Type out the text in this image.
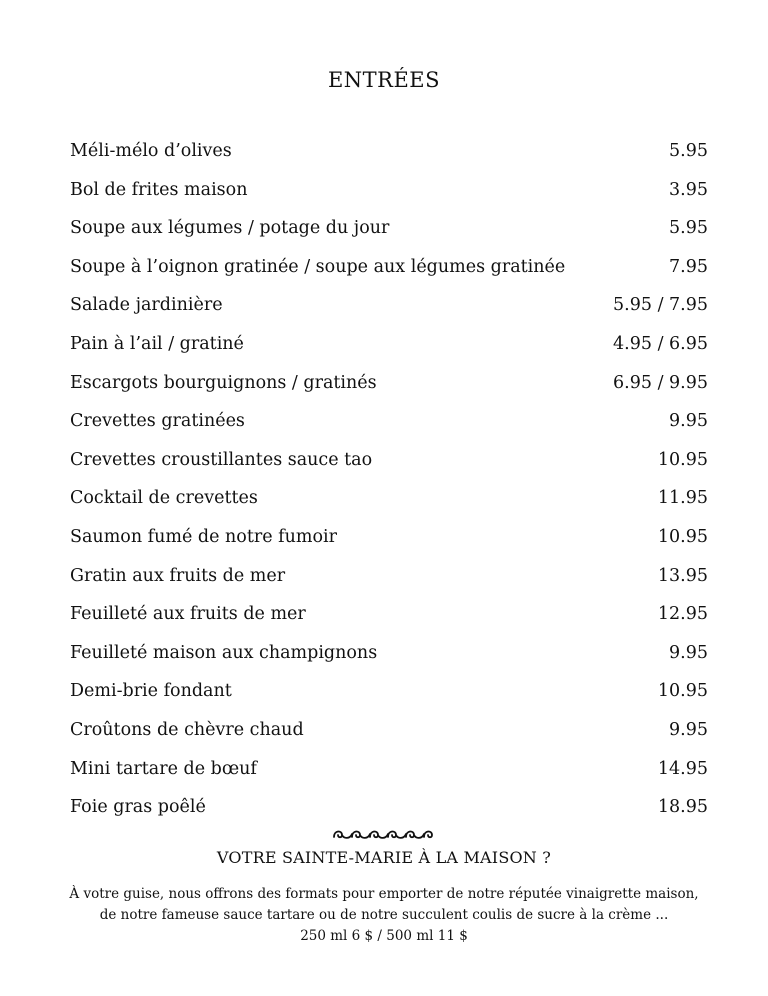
ENTRÉES
Méli-mélo d’olives	5.95
Bol de frites maison	3.95
Soupe aux légumes / potage du jour	5.95
Soupe à l’oignon gratinée / soupe aux légumes gratinée	7.95
Salade jardinière	5.95 / 7.95
Pain à l’ail / gratiné	4.95 / 6.95
Escargots bourguignons / gratinés	6.95 / 9.95
Crevettes gratinées	9.95
Crevettes croustillantes sauce tao	10.95
Cocktail de crevettes	11.95
Saumon fumé de notre fumoir	10.95
Gratin aux fruits de mer	13.95
Feuilleté aux fruits de mer	12.95
Feuilleté maison aux champignons	9.95
Demi-brie fondant	10.95
Croûtons de chèvre chaud	9.95
Mini tartare de bœuf	14.95
Foie gras poêlé	18.95
VOTRE SAINTE-MARIE À LA MAISON ?
À votre guise, nous offrons des formats pour emporter de notre réputée vinaigrette maison,
de notre fameuse sauce tartare ou de notre succulent coulis de sucre à la crème ...
250 ml 6 $ / 500 ml 11 $
